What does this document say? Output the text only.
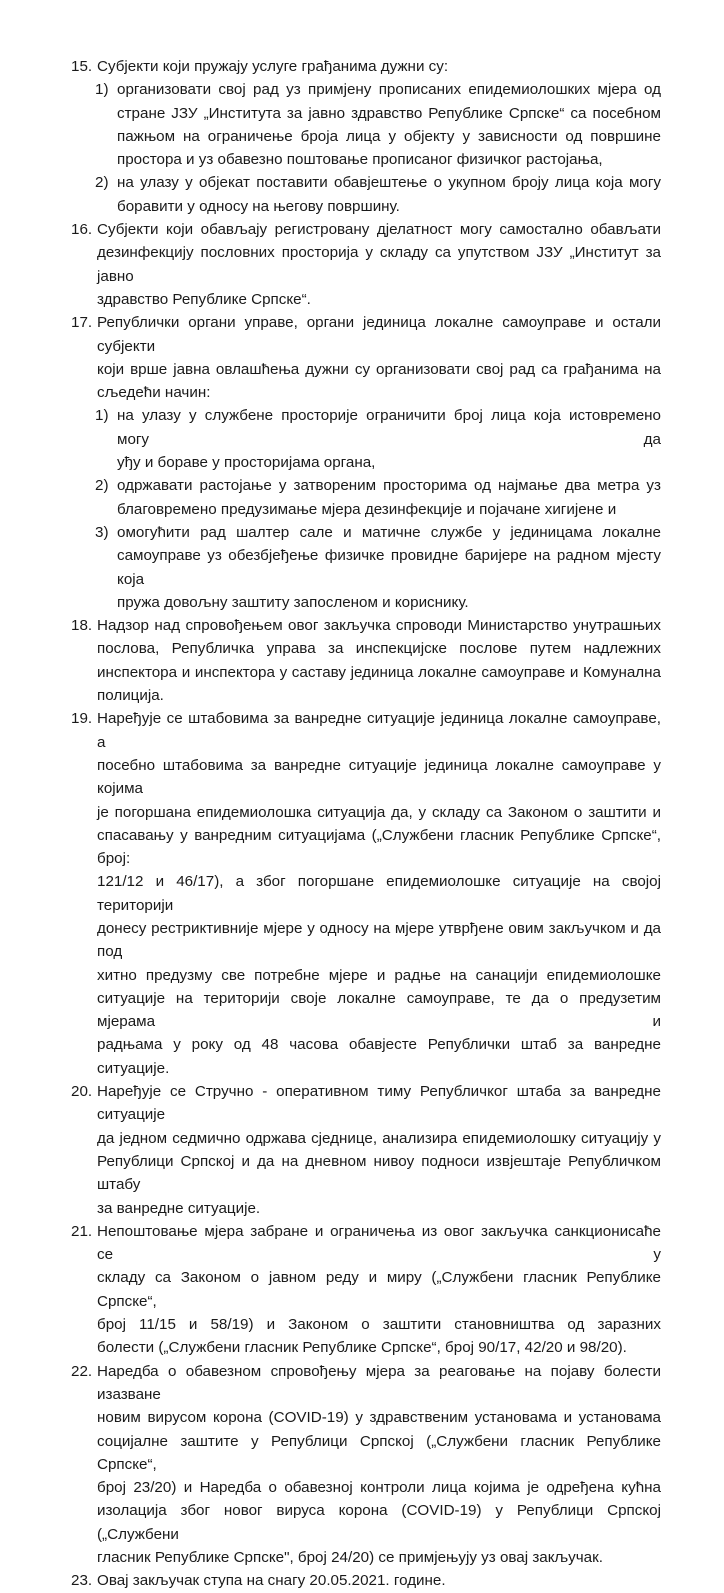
15. Субјекти који пружају услуге грађанима дужни су:
1) организовати свој рад уз примјену прописаних епидемиолошких мјера од
стране ЈЗУ „Института за јавно здравство Републике Српске“ са посебном
пажњом на ограничење броја лица у објекту у зависности од површине
простора и уз обавезно поштовање прописаног физичког растојања,
2) на улазу у објекат поставити обавјештење о укупном броју лица која могу
боравити у односу на његову површину.
16. Субјекти који обављају регистровану дјелатност могу самостално обављати
дезинфекцију пословних просторија у складу са упутством ЈЗУ „Институт за јавно
здравство Републике Српске“.
17. Републички органи управе, органи јединица локалне самоуправе и остали субјекти
који врше јавна овлашћења дужни су организовати свој рад са грађанима на
сљедећи начин:
1) на улазу у службене просторије ограничити број лица која истовремено могу да
уђу и бораве у просторијама органа,
2) одржавати растојање у затвореним просторима од најмање два метра уз
благовремено предузимање мјера дезинфекције и појачане хигијене и
3) омогућити рад шалтер сале и матичне службе у јединицама локалне
самоуправе уз обезбјеђење физичке провидне баријере на радном мјесту која
пружа довољну заштиту запосленом и кориснику.
18. Надзор над спровођењем овог закључка спроводи Министарство унутрашњих
послова, Републичка управа за инспекцијске послове путем надлежних
инспектора и инспектора у саставу јединица локалне самоуправе и Комунална
полиција.
19. Наређује се штабовима за ванредне ситуације јединица локалне самоуправе, а
посебно штабовима за ванредне ситуације јединица локалне самоуправе у којима
је погоршана епидемиолошка ситуација да, у складу са Законом о заштити и
спасавању у ванредним ситуацијама („Службени гласник Републике Српске“, број:
121/12 и 46/17), а због погоршане епидемиолошке ситуације на својој територији
донесу рестриктивније мјере у односу на мјере утврђене овим закључком и да под
хитно предузму све потребне мјере и радње на санацији епидемиолошке
ситуације на територији своје локалне самоуправе, те да о предузетим мјерама и
радњама у року од 48 часова обавјесте Републички штаб за ванредне ситуације.
20. Наређује се Стручно - оперативном тиму Републичког штаба за ванредне ситуације
да једном седмично одржава сједнице, анализира епидемиолошку ситуацију у
Републици Српској и да на дневном нивоу подноси извјештаје Републичком штабу
за ванредне ситуације.
21. Непоштовање мјера забране и ограничења из овог закључка санкционисаће се у
складу са Законом о јавном реду и миру („Службени гласник Републике Српске“,
број 11/15 и 58/19) и Законом о заштити становништва од заразних
болести („Службени гласник Републике Српске“, број 90/17, 42/20 и 98/20).
22. Наредба о обавезном спровођењу мјера за реаговање на појаву болести изазване
новим вирусом корона (COVID-19) у здравственим установама и установама
социјалне заштите у Републици Српској („Службени гласник Републике Српске“,
број 23/20) и Наредба о обавезној контроли лица којима је одређена кућна
изолација због новог вируса корона (COVID-19) у Републици Српској („Службени
гласник Републике Српске", број 24/20) се примјењују уз овај закључак.
23. Овај закључак ступа на снагу 20.05.2021. године.
